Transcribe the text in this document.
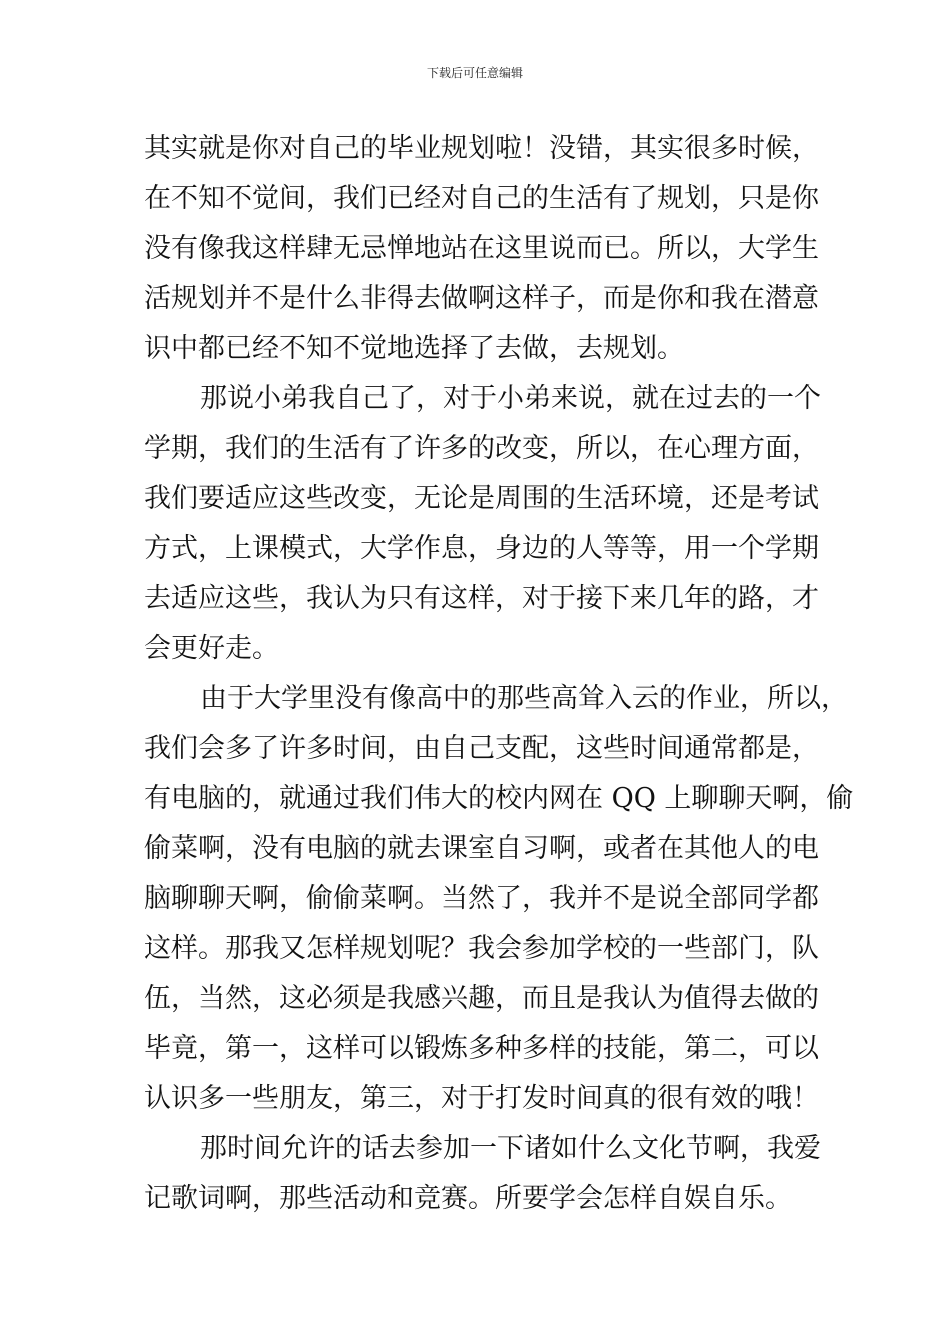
下载后可任意编辑
其实就是你对自己的毕业规划啦！没错，其实很多时候，
在不知不觉间，我们已经对自己的生活有了规划，只是你
没有像我这样肆无忌惮地站在这里说而已。所以，大学生
活规划并不是什么非得去做啊这样子，而是你和我在潜意
识中都已经不知不觉地选择了去做，去规划。
那说小弟我自己了，对于小弟来说，就在过去的一个
学期，我们的生活有了许多的改变，所以，在心理方面，
我们要适应这些改变，无论是周围的生活环境，还是考试
方式，上课模式，大学作息，身边的人等等，用一个学期
去适应这些，我认为只有这样，对于接下来几年的路，才
会更好走。
由于大学里没有像高中的那些高耸入云的作业，所以，
我们会多了许多时间，由自己支配，这些时间通常都是，
有电脑的，就通过我们伟大的校内网在 QQ 上聊聊天啊，偷
偷菜啊，没有电脑的就去课室自习啊，或者在其他人的电
脑聊聊天啊，偷偷菜啊。当然了，我并不是说全部同学都
这样。那我又怎样规划呢？我会参加学校的一些部门，队
伍，当然，这必须是我感兴趣，而且是我认为值得去做的
毕竟，第一，这样可以锻炼多种多样的技能，第二，可以
认识多一些朋友，第三，对于打发时间真的很有效的哦！
那时间允许的话去参加一下诸如什么文化节啊，我爱
记歌词啊，那些活动和竞赛。所要学会怎样自娱自乐。
